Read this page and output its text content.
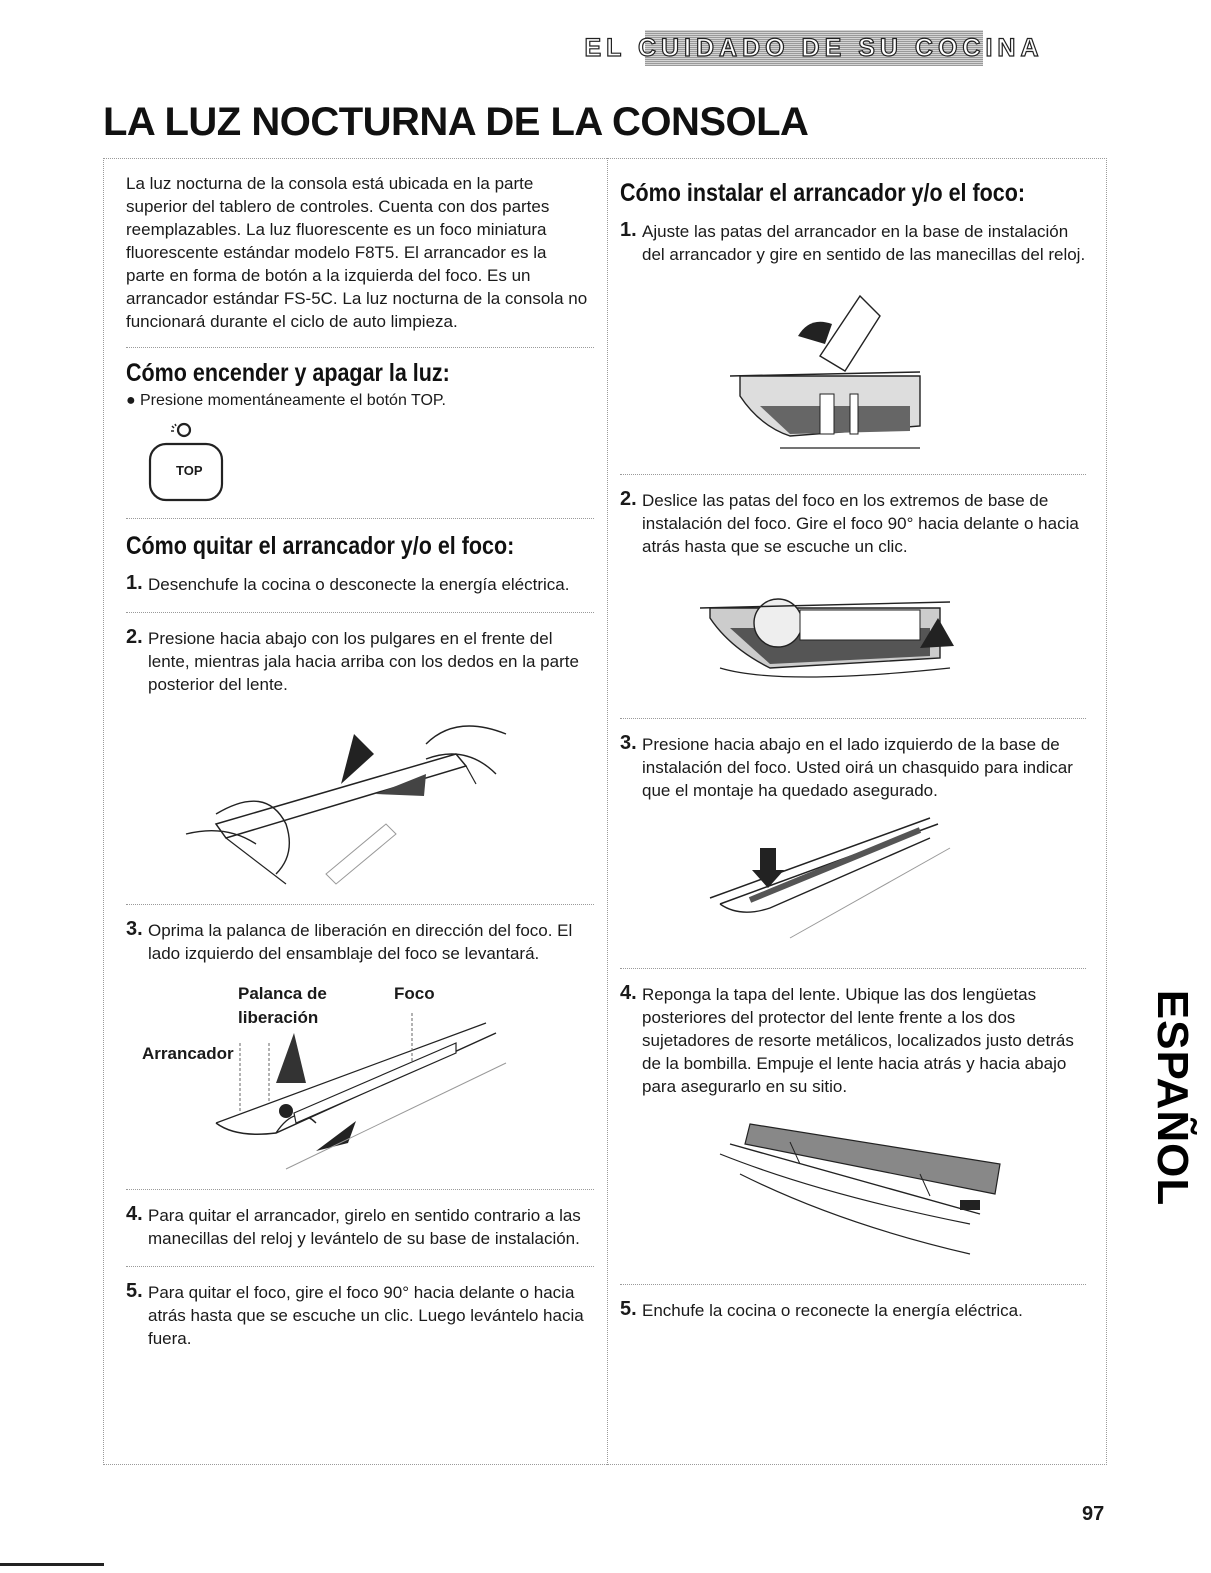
EL CUIDADO DE SU COCINA
LA LUZ NOCTURNA DE LA CONSOLA

La luz nocturna de la consola está ubicada en la parte superior del tablero de controles. Cuenta con dos partes reemplazables. La luz fluorescente es un foco miniatura fluorescente estándar modelo F8T5. El arrancador es la parte en forma de botón a la izquierda del foco. Es un arrancador estándar FS-5C. La luz nocturna de la consola no funcionará durante el ciclo de auto limpieza.

Cómo encender y apagar la luz:
● Presione momentáneamente el botón TOP.
TOP
Cómo quitar el arrancador y/o el foco:
1. Desenchufe la cocina o desconecte la energía eléctrica.
2. Presione hacia abajo con los pulgares en el frente del lente, mientras jala hacia arriba con los dedos en la parte posterior del lente.
3. Oprima la palanca de liberación en dirección del foco. El lado izquierdo del ensamblaje del foco se levantará.
Palanca de
liberación
Foco
Arrancador
4. Para quitar el arrancador, girelo en sentido contrario a las manecillas del reloj y levántelo de su base de instalación.
5. Para quitar el foco, gire el foco 90° hacia delante o hacia atrás hasta que se escuche un clic. Luego levántelo hacia fuera.
Cómo instalar el arrancador y/o el foco:
1. Ajuste las patas del arrancador en la base de instalación del arrancador y gire en sentido de las manecillas del reloj.
2. Deslice las patas del foco en los extremos de base de instalación del foco. Gire el foco 90° hacia delante o hacia atrás hasta que se escuche un clic.
3. Presione hacia abajo en el lado izquierdo de la base de instalación del foco. Usted oirá un chasquido para indicar que el montaje ha quedado asegurado.
4. Reponga la tapa del lente. Ubique las dos lengüetas posteriores del protector del lente frente a los dos sujetadores de resorte metálicos, localizados justo detrás de la bombilla. Empuje el lente hacia atrás y hacia abajo para asegurarlo en su sitio.
5. Enchufe la cocina o reconecte la energía eléctrica.
ESPAÑOL
97
